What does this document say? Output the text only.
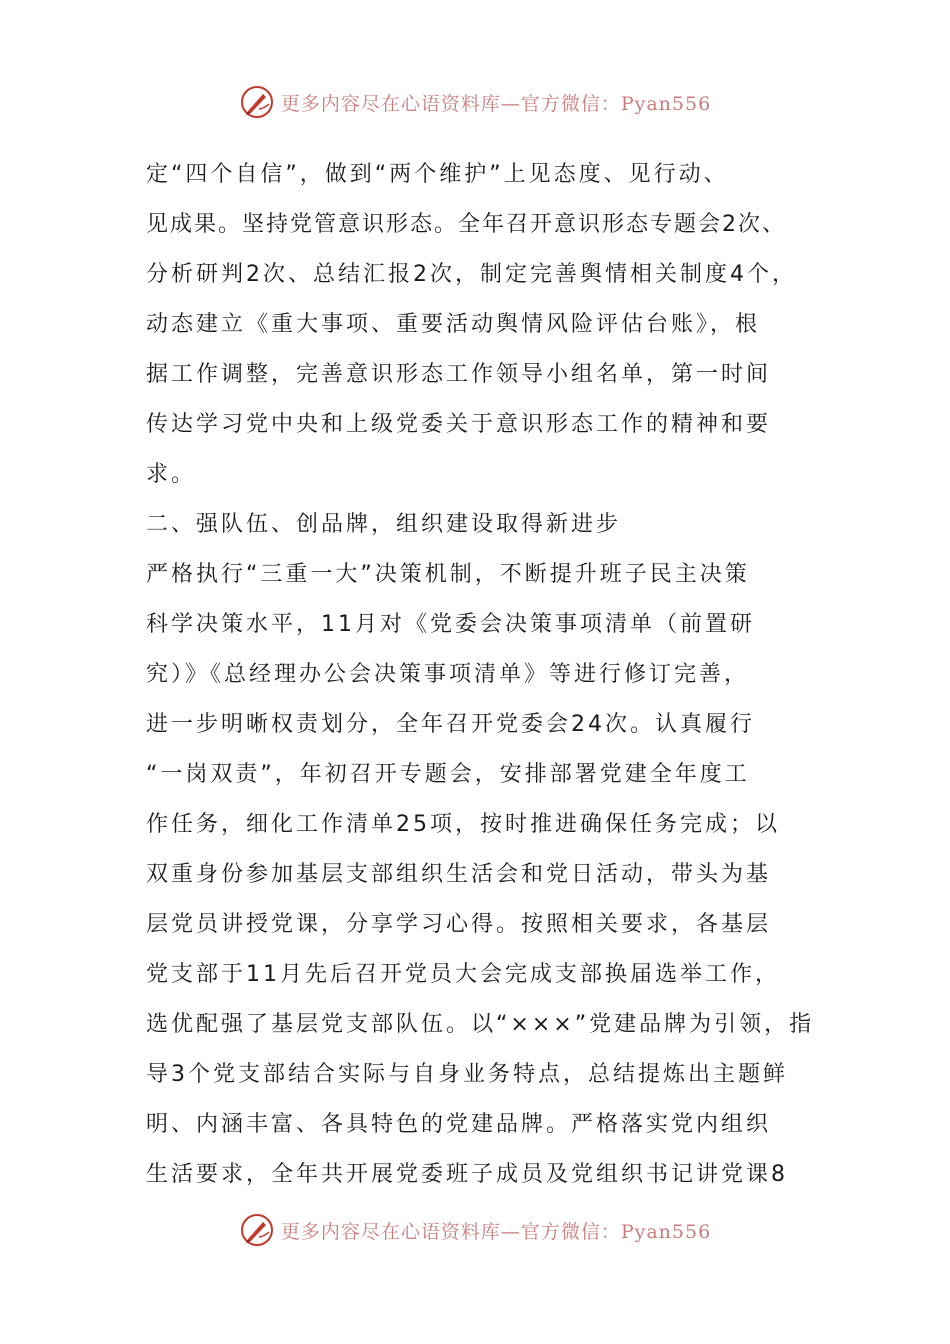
更多内容尽在心语资料库—官方微信：Pyan556
定“四个自信”，做到“两个维护”上见态度、见行动、
见成果。坚持党管意识形态。全年召开意识形态专题会2次、
分析研判2次、总结汇报2次，制定完善舆情相关制度4个，
动态建立《重大事项、重要活动舆情风险评估台账》，根
据工作调整，完善意识形态工作领导小组名单，第一时间
传达学习党中央和上级党委关于意识形态工作的精神和要
求。
二、强队伍、创品牌，组织建设取得新进步
严格执行“三重一大”决策机制，不断提升班子民主决策
科学决策水平，11月对《党委会决策事项清单（前置研
究）》《总经理办公会决策事项清单》等进行修订完善，
进一步明晰权责划分，全年召开党委会24次。认真履行
“一岗双责”，年初召开专题会，安排部署党建全年度工
作任务，细化工作清单25项，按时推进确保任务完成；以
双重身份参加基层支部组织生活会和党日活动，带头为基
层党员讲授党课，分享学习心得。按照相关要求，各基层
党支部于11月先后召开党员大会完成支部换届选举工作，
选优配强了基层党支部队伍。以“×××”党建品牌为引领，指
导3个党支部结合实际与自身业务特点，总结提炼出主题鲜
明、内涵丰富、各具特色的党建品牌。严格落实党内组织
生活要求，全年共开展党委班子成员及党组织书记讲党课8
更多内容尽在心语资料库—官方微信：Pyan556
